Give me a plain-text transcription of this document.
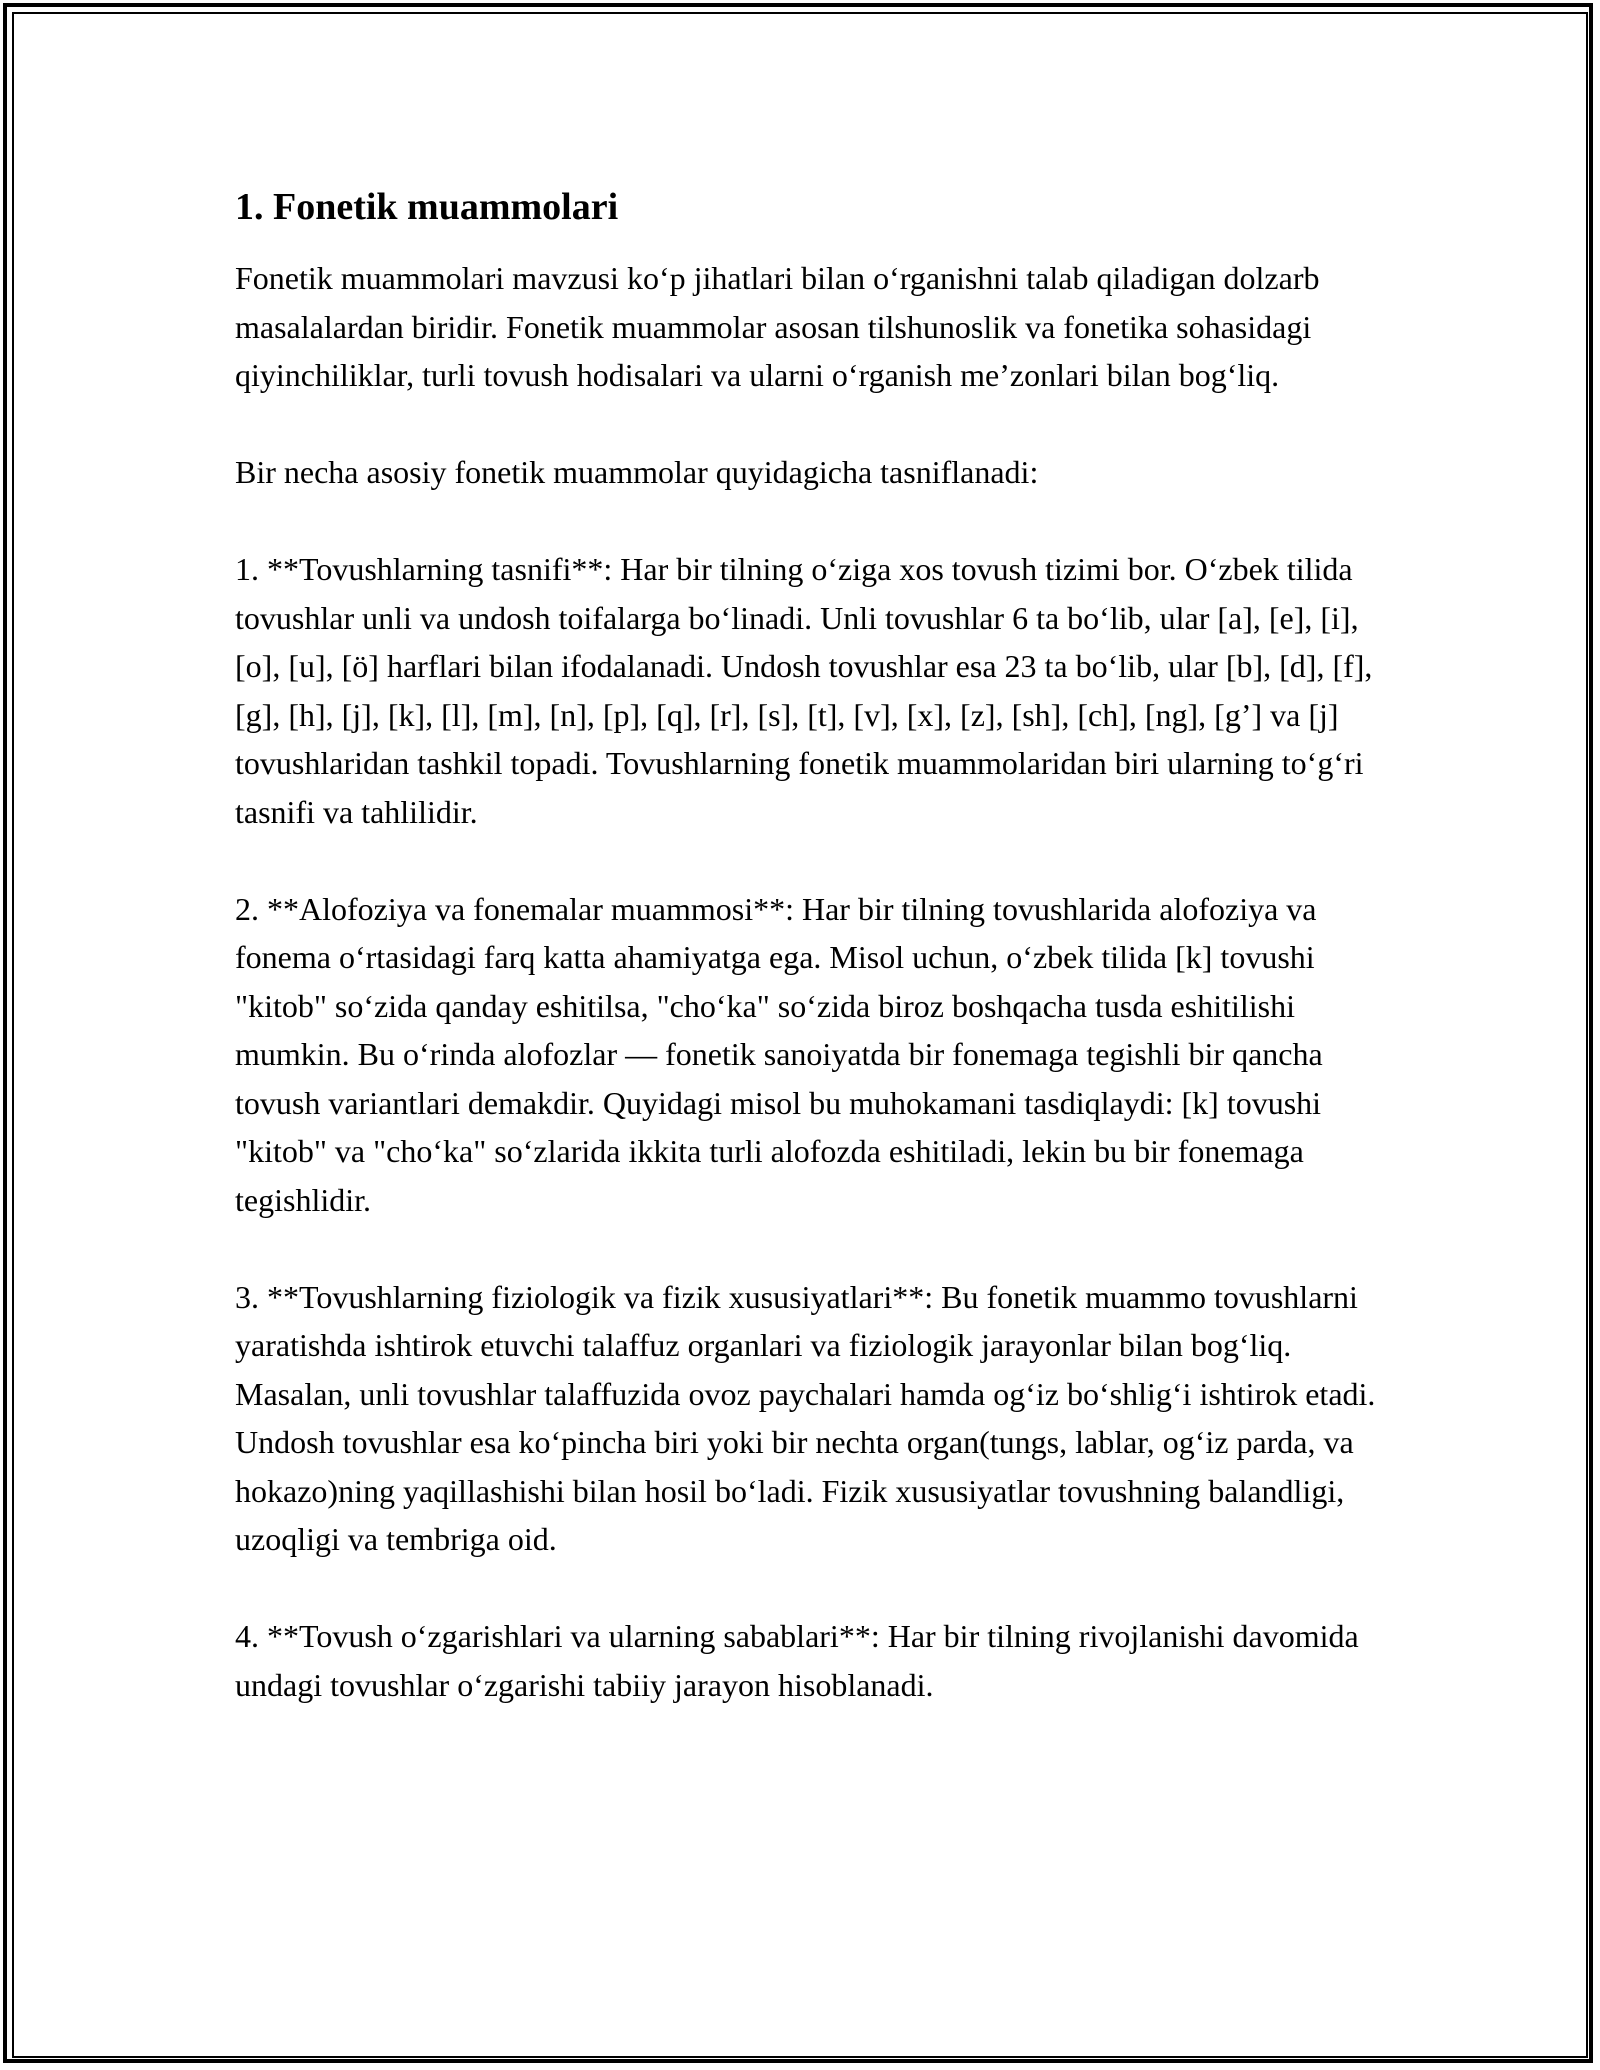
1. Fonetik muammolari

Fonetik muammolari mavzusi ko‘p jihatlari bilan o‘rganishni talab qiladigan dolzarb masalalardan biridir. Fonetik muammolar asosan tilshunoslik va fonetika sohasidagi qiyinchiliklar, turli tovush hodisalari va ularni o‘rganish me’zonlari bilan bog‘liq.

Bir necha asosiy fonetik muammolar quyidagicha tasniflanadi:

1. **Tovushlarning tasnifi**: Har bir tilning o‘ziga xos tovush tizimi bor. O‘zbek tilida tovushlar unli va undosh toifalarga bo‘linadi. Unli tovushlar 6 ta bo‘lib, ular [a], [e], [i], [o], [u], [ö] harflari bilan ifodalanadi. Undosh tovushlar esa 23 ta bo‘lib, ular [b], [d], [f], [g], [h], [j], [k], [l], [m], [n], [p], [q], [r], [s], [t], [v], [x], [z], [sh], [ch], [ng], [g’] va [j] tovushlaridan tashkil topadi. Tovushlarning fonetik muammolaridan biri ularning to‘g‘ri tasnifi va tahlilidir.

2. **Alofoziya va fonemalar muammosi**: Har bir tilning tovushlarida alofoziya va fonema o‘rtasidagi farq katta ahamiyatga ega. Misol uchun, o‘zbek tilida [k] tovushi "kitob" so‘zida qanday eshitilsa, "cho‘ka" so‘zida biroz boshqacha tusda eshitilishi mumkin. Bu o‘rinda alofozlar — fonetik sanoiyatda bir fonemaga tegishli bir qancha tovush variantlari demakdir. Quyidagi misol bu muhokamani tasdiqlaydi: [k] tovushi "kitob" va "cho‘ka" so‘zlarida ikkita turli alofozda eshitiladi, lekin bu bir fonemaga tegishlidir.

3. **Tovushlarning fiziologik va fizik xususiyatlari**: Bu fonetik muammo tovushlarni yaratishda ishtirok etuvchi talaffuz organlari va fiziologik jarayonlar bilan bog‘liq. Masalan, unli tovushlar talaffuzida ovoz paychalari hamda og‘iz bo‘shlig‘i ishtirok etadi. Undosh tovushlar esa ko‘pincha biri yoki bir nechta organ(tungs, lablar, og‘iz parda, va hokazo)ning yaqillashishi bilan hosil bo‘ladi. Fizik xususiyatlar tovushning balandligi, uzoqligi va tembriga oid.

4. **Tovush o‘zgarishlari va ularning sabablari**: Har bir tilning rivojlanishi davomida undagi tovushlar o‘zgarishi tabiiy jarayon hisoblanadi.
